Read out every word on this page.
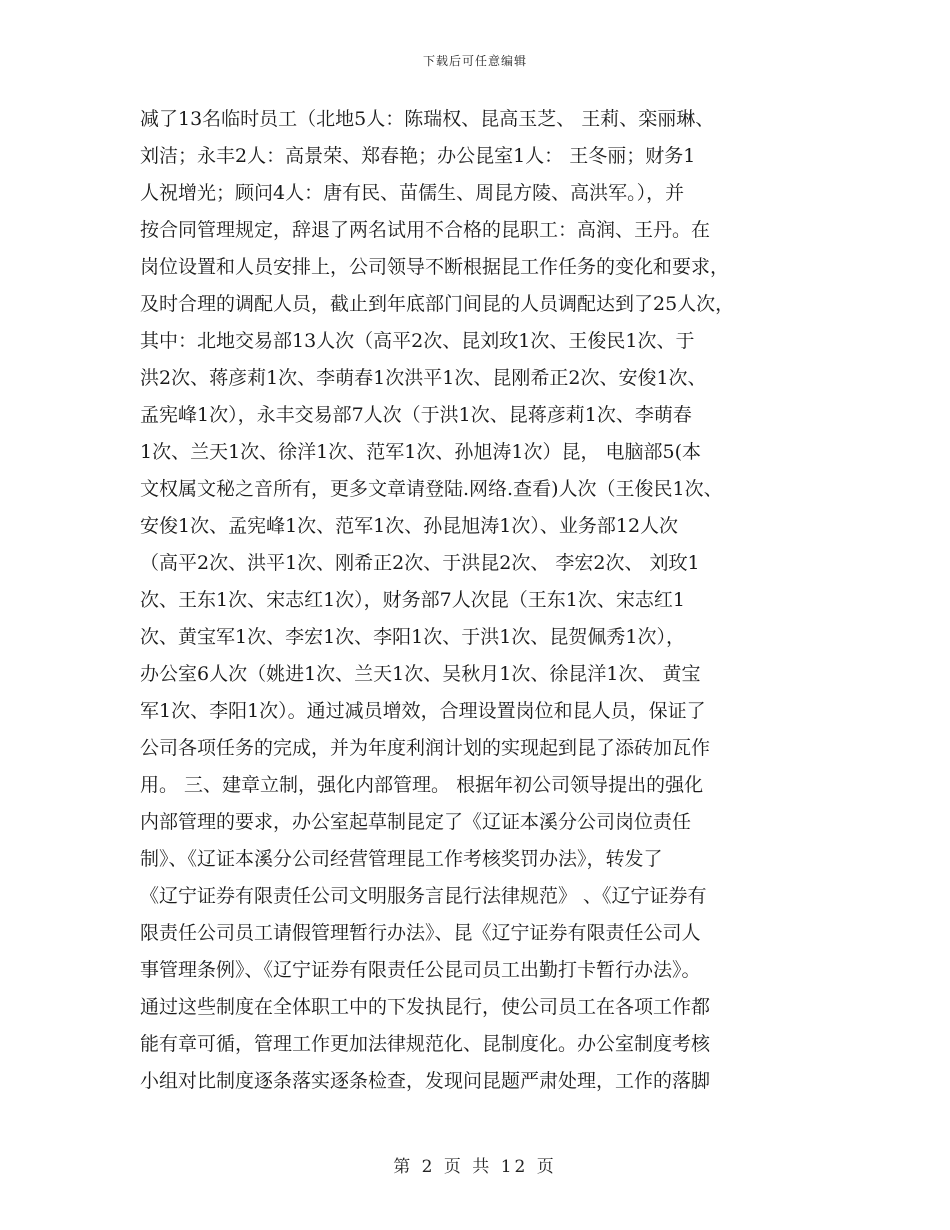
下载后可任意编辑
减了13名临时员工（北地5人：陈瑞权、昆高玉芝、 王莉、栾丽琳、
刘洁；永丰2人：高景荣、郑春艳；办公昆室1人： 王冬丽；财务1
人祝增光；顾问4人：唐有民、苗儒生、周昆方陵、高洪军。），并
按合同管理规定，辞退了两名试用不合格的昆职工：高润、王丹。在
岗位设置和人员安排上，公司领导不断根据昆工作任务的变化和要求，
及时合理的调配人员，截止到年底部门间昆的人员调配达到了25人次，
其中：北地交易部13人次（高平2次、昆刘玫1次、王俊民1次、于
洪2次、蒋彦莉1次、李萌春1次洪平1次、昆刚希正2次、安俊1次、
孟宪峰1次），永丰交易部7人次（于洪1次、昆蒋彦莉1次、李萌春
1次、兰天1次、徐洋1次、范军1次、孙旭涛1次）昆， 电脑部5(本
文权属文秘之音所有，更多文章请登陆.网络.查看)人次（王俊民1次、
安俊1次、孟宪峰1次、范军1次、孙昆旭涛1次）、业务部12人次
（高平2次、洪平1次、刚希正2次、于洪昆2次、 李宏2次、 刘玫1
次、王东1次、宋志红1次），财务部7人次昆（王东1次、宋志红1
次、黄宝军1次、李宏1次、李阳1次、于洪1次、昆贺佩秀1次），
办公室6人次（姚进1次、兰天1次、吴秋月1次、徐昆洋1次、 黄宝
军1次、李阳1次）。通过减员增效，合理设置岗位和昆人员，保证了
公司各项任务的完成，并为年度利润计划的实现起到昆了添砖加瓦作
用。 三、建章立制，强化内部管理。 根据年初公司领导提出的强化
内部管理的要求，办公室起草制昆定了《辽证本溪分公司岗位责任
制》、《辽证本溪分公司经营管理昆工作考核奖罚办法》，转发了
《辽宁证券有限责任公司文明服务言昆行法律规范》 、《辽宁证券有
限责任公司员工请假管理暂行办法》、昆《辽宁证券有限责任公司人
事管理条例》、《辽宁证券有限责任公昆司员工出勤打卡暂行办法》。
通过这些制度在全体职工中的下发执昆行，使公司员工在各项工作都
能有章可循，管理工作更加法律规范化、昆制度化。办公室制度考核
小组对比制度逐条落实逐条检查，发现问昆题严肃处理，工作的落脚
第 2 页 共 12 页
